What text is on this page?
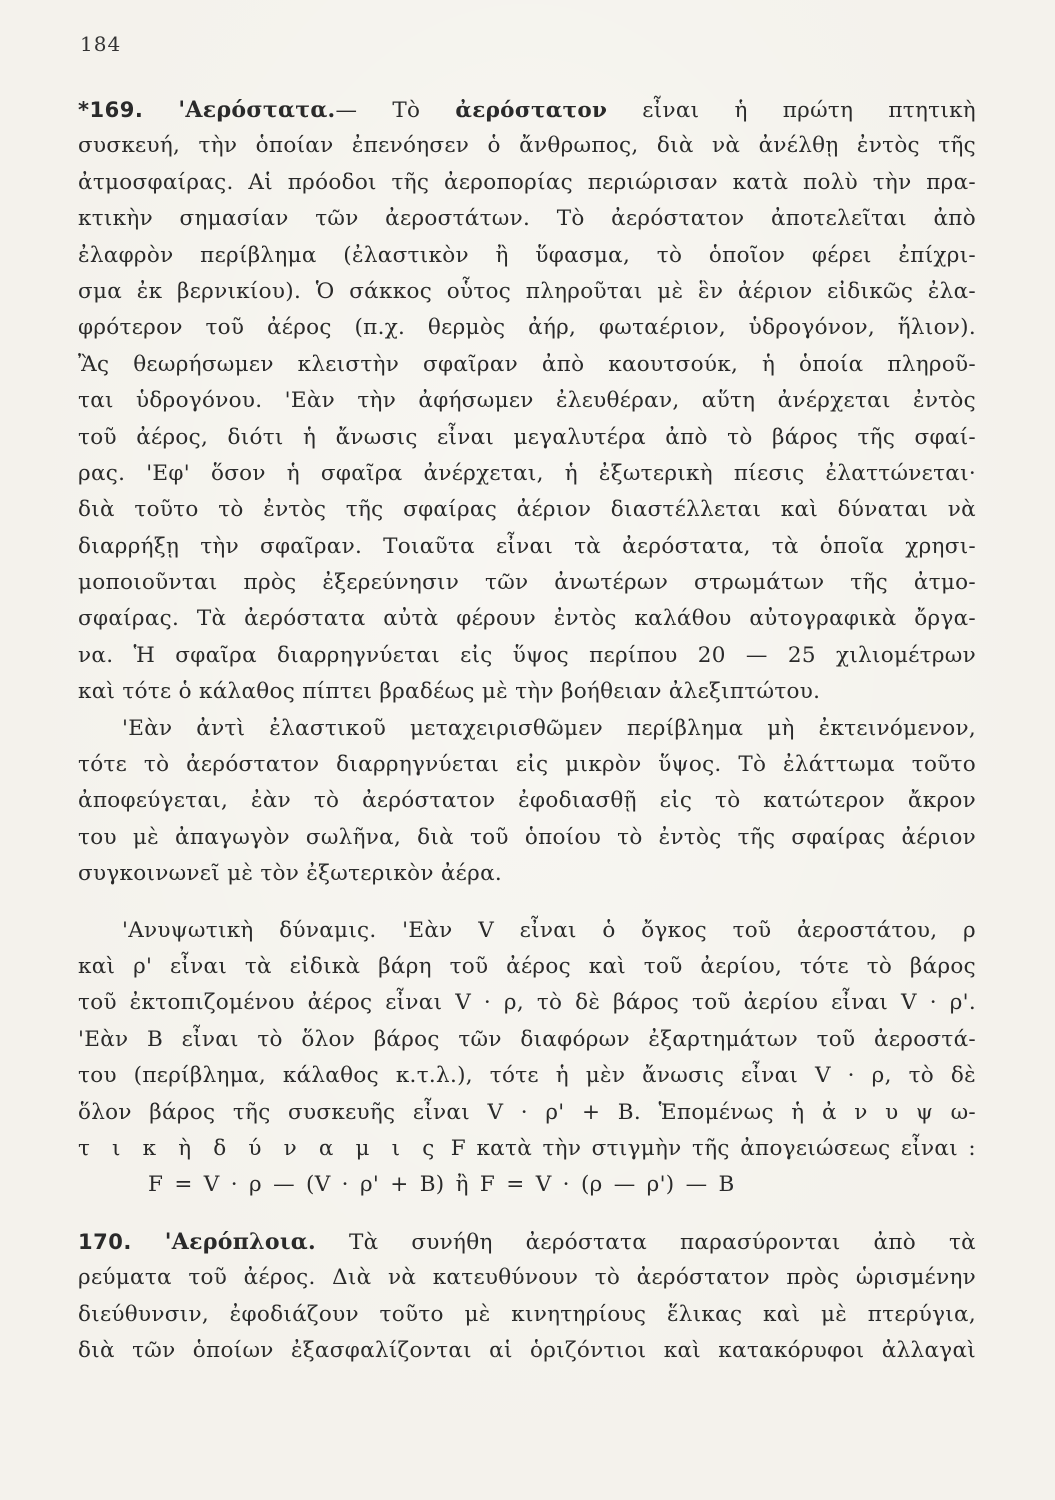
184
*169. 'Αερόστατα.— Τὸ ἀερόστατον εἶναι ἡ πρώτη πτητικὴ
συσκευή, τὴν ὁποίαν ἐπενόησεν ὁ ἄνθρωπος, διὰ νὰ ἀνέλθῃ ἐντὸς τῆς
ἀτμοσφαίρας. Αἱ πρόοδοι τῆς ἀεροπορίας περιώρισαν κατὰ πολὺ τὴν πρα-
κτικὴν σημασίαν τῶν ἀεροστάτων. Τὸ ἀερόστατον ἀποτελεῖται ἀπὸ
ἐλαφρὸν περίβλημα (ἐλαστικὸν ἢ ὕφασμα, τὸ ὁποῖον φέρει ἐπίχρι-
σμα ἐκ βερνικίου). Ὁ σάκκος οὗτος πληροῦται μὲ ἓν ἀέριον εἰδικῶς ἐλα-
φρότερον τοῦ ἀέρος (π.χ. θερμὸς ἀήρ, φωταέριον, ὑδρογόνον, ἥλιον).
Ἂς θεωρήσωμεν κλειστὴν σφαῖραν ἀπὸ καουτσούκ, ἡ ὁποία πληροῦ-
ται ὑδρογόνου. 'Εὰν τὴν ἀφήσωμεν ἐλευθέραν, αὕτη ἀνέρχεται ἐντὸς
τοῦ ἀέρος, διότι ἡ ἄνωσις εἶναι μεγαλυτέρα ἀπὸ τὸ βάρος τῆς σφαί-
ρας. 'Εφ' ὅσον ἡ σφαῖρα ἀνέρχεται, ἡ ἐξωτερικὴ πίεσις ἐλαττώνεται·
διὰ τοῦτο τὸ ἐντὸς τῆς σφαίρας ἀέριον διαστέλλεται καὶ δύναται νὰ
διαρρήξῃ τὴν σφαῖραν. Τοιαῦτα εἶναι τὰ ἀερόστατα, τὰ ὁποῖα χρησι-
μοποιοῦνται πρὸς ἐξερεύνησιν τῶν ἀνωτέρων στρωμάτων τῆς ἀτμο-
σφαίρας. Τὰ ἀερόστατα αὐτὰ φέρουν ἐντὸς καλάθου αὐτογραφικὰ ὄργα-
να. Ἡ σφαῖρα διαρρηγνύεται εἰς ὕψος περίπου 20 — 25 χιλιομέτρων
καὶ τότε ὁ κάλαθος πίπτει βραδέως μὲ τὴν βοήθειαν ἀλεξιπτώτου.
'Εὰν ἀντὶ ἐλαστικοῦ μεταχειρισθῶμεν περίβλημα μὴ ἐκτεινόμενον,
τότε τὸ ἀερόστατον διαρρηγνύεται εἰς μικρὸν ὕψος. Τὸ ἐλάττωμα τοῦτο
ἀποφεύγεται, ἐὰν τὸ ἀερόστατον ἐφοδιασθῇ εἰς τὸ κατώτερον ἄκρον
του μὲ ἀπαγωγὸν σωλῆνα, διὰ τοῦ ὁποίου τὸ ἐντὸς τῆς σφαίρας ἀέριον
συγκοινωνεῖ μὲ τὸν ἐξωτερικὸν ἀέρα.
'Ανυψωτικὴ δύναμις. 'Εὰν V εἶναι ὁ ὄγκος τοῦ ἀεροστάτου, ρ
καὶ ρ' εἶναι τὰ εἰδικὰ βάρη τοῦ ἀέρος καὶ τοῦ ἀερίου, τότε τὸ βάρος
τοῦ ἐκτοπιζομένου ἀέρος εἶναι V · ρ, τὸ δὲ βάρος τοῦ ἀερίου εἶναι V · ρ'.
'Εὰν Β εἶναι τὸ ὅλον βάρος τῶν διαφόρων ἐξαρτημάτων τοῦ ἀεροστά-
του (περίβλημα, κάλαθος κ.τ.λ.), τότε ἡ μὲν ἄνωσις εἶναι V · ρ, τὸ δὲ
ὅλον βάρος τῆς συσκευῆς εἶναι V · ρ' + Β. Ἑπομένως ἡ ἀ ν υ ψ ω-
τ ι κ ὴ δ ύ ν α μ ι ς F κατὰ τὴν στιγμὴν τῆς ἀπογειώσεως εἶναι :
F = V · ρ — (V · ρ' + Β) ἢ F = V · (ρ — ρ') — Β
170. 'Αερόπλοια. Τὰ συνήθη ἀερόστατα παρασύρονται ἀπὸ τὰ
ρεύματα τοῦ ἀέρος. Διὰ νὰ κατευθύνουν τὸ ἀερόστατον πρὸς ὡρισμένην
διεύθυνσιν, ἐφοδιάζουν τοῦτο μὲ κινητηρίους ἕλικας καὶ μὲ πτερύγια,
διὰ τῶν ὁποίων ἐξασφαλίζονται αἱ ὁριζόντιοι καὶ κατακόρυφοι ἀλλαγαὶ
